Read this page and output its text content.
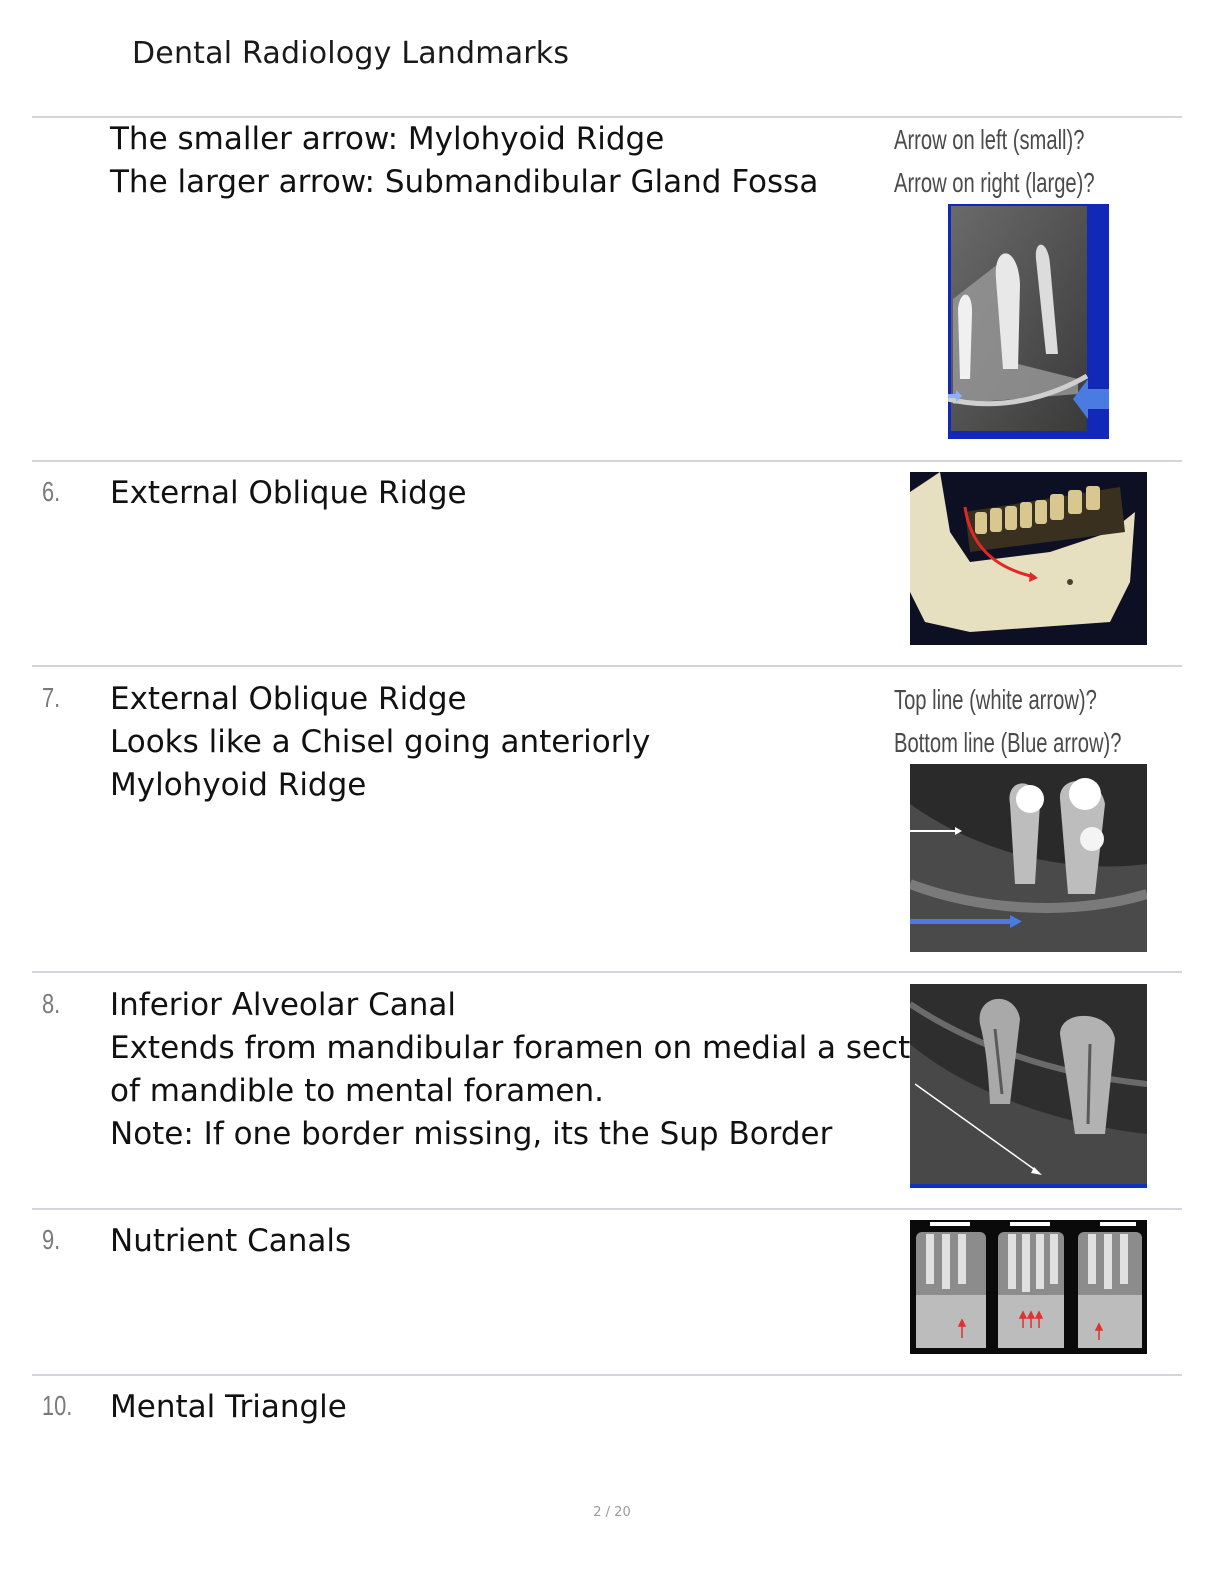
Dental Radiology Landmarks
The smaller arrow: Mylohyoid Ridge
The larger arrow: Submandibular Gland Fossa
Arrow on left (small)?
Arrow on right (large)?
6. External Oblique Ridge
7. External Oblique Ridge
Looks like a Chisel going anteriorly
Mylohyoid Ridge
Top line (white arrow)?
Bottom line (Blue arrow)?
8. Inferior Alveolar Canal
Extends from mandibular foramen on medial a sect
of mandible to mental foramen.
Note: If one border missing, its the Sup Border
9. Nutrient Canals
10. Mental Triangle
2 / 20
